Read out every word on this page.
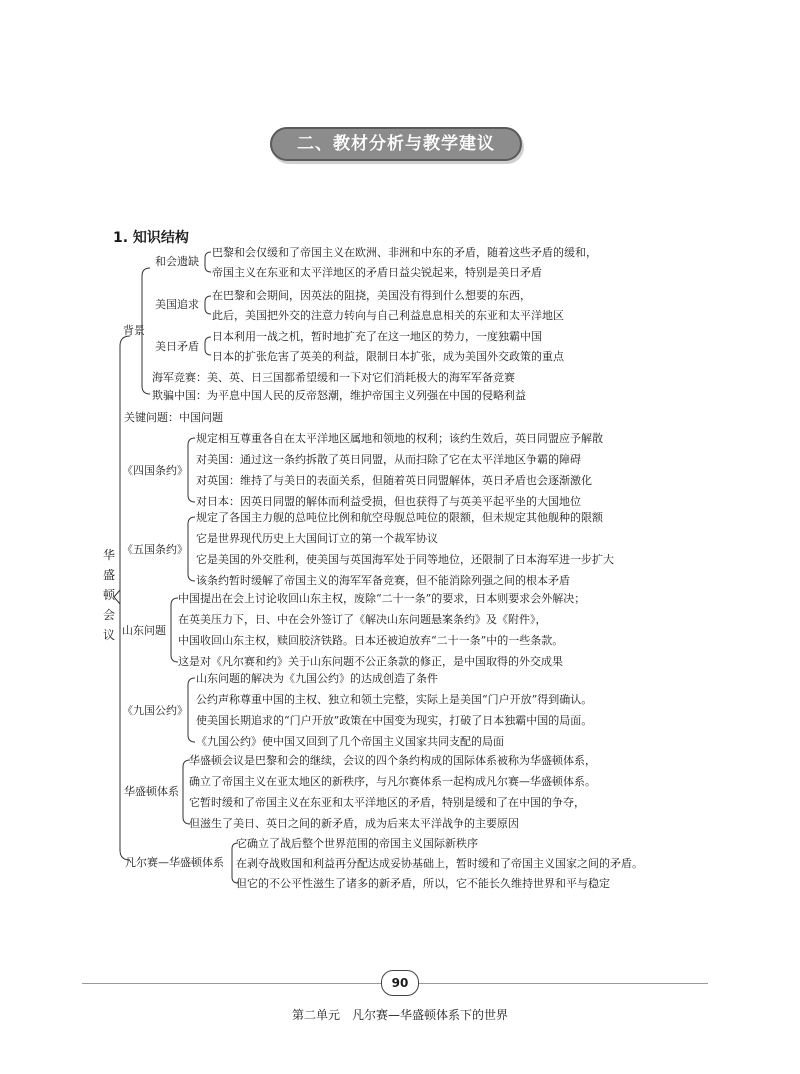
二、教材分析与教学建议
1. 知识结构
华
盛
顿
会
议
背景
和会遗缺
巴黎和会仅缓和了帝国主义在欧洲、非洲和中东的矛盾，随着这些矛盾的缓和，
帝国主义在东亚和太平洋地区的矛盾日益尖锐起来，特别是美日矛盾
美国追求
在巴黎和会期间，因英法的阻挠，美国没有得到什么想要的东西，
此后，美国把外交的注意力转向与自己利益息息相关的东亚和太平洋地区
美日矛盾
日本利用一战之机，暂时地扩充了在这一地区的势力，一度独霸中国
日本的扩张危害了英美的利益，限制日本扩张，成为美国外交政策的重点
海军竞赛：美、英、日三国都希望缓和一下对它们消耗极大的海军军备竞赛
欺骗中国：为平息中国人民的反帝怒潮，维护帝国主义列强在中国的侵略利益
关键问题：中国问题
《四国条约》
规定相互尊重各自在太平洋地区属地和领地的权利；该约生效后，英日同盟应予解散
对美国：通过这一条约拆散了英日同盟，从而扫除了它在太平洋地区争霸的障碍
对英国：维持了与美日的表面关系，但随着英日同盟解体，英日矛盾也会逐渐激化
对日本：因英日同盟的解体而利益受损，但也获得了与英美平起平坐的大国地位
《五国条约》
规定了各国主力舰的总吨位比例和航空母舰总吨位的限额，但未规定其他舰种的限额
它是世界现代历史上大国间订立的第一个裁军协议
它是美国的外交胜利，使美国与英国海军处于同等地位，还限制了日本海军进一步扩大
该条约暂时缓解了帝国主义的海军军备竞赛，但不能消除列强之间的根本矛盾
山东问题
中国提出在会上讨论收回山东主权，废除“二十一条”的要求，日本则要求会外解决；
在英美压力下，日、中在会外签订了《解决山东问题悬案条约》及《附件》，
中国收回山东主权，赎回胶济铁路。日本还被迫放弃“二十一条”中的一些条款。
这是对《凡尔赛和约》关于山东问题不公正条款的修正，是中国取得的外交成果
《九国公约》
山东问题的解决为《九国公约》的达成创造了条件
公约声称尊重中国的主权、独立和领土完整，实际上是美国“门户开放”得到确认。
使美国长期追求的“门户开放”政策在中国变为现实，打破了日本独霸中国的局面。
《九国公约》使中国又回到了几个帝国主义国家共同支配的局面
华盛顿体系
华盛顿会议是巴黎和会的继续，会议的四个条约构成的国际体系被称为华盛顿体系，
确立了帝国主义在亚太地区的新秩序，与凡尔赛体系一起构成凡尔赛—华盛顿体系。
它暂时缓和了帝国主义在东亚和太平洋地区的矛盾，特别是缓和了在中国的争夺，
但滋生了美日、英日之间的新矛盾，成为后来太平洋战争的主要原因
凡尔赛—华盛顿体系
它确立了战后整个世界范围的帝国主义国际新秩序
在剥夺战败国和利益再分配达成妥协基础上，暂时缓和了帝国主义国家之间的矛盾。
但它的不公平性滋生了诸多的新矛盾，所以，它不能长久维持世界和平与稳定
90
第二单元　凡尔赛—华盛顿体系下的世界
